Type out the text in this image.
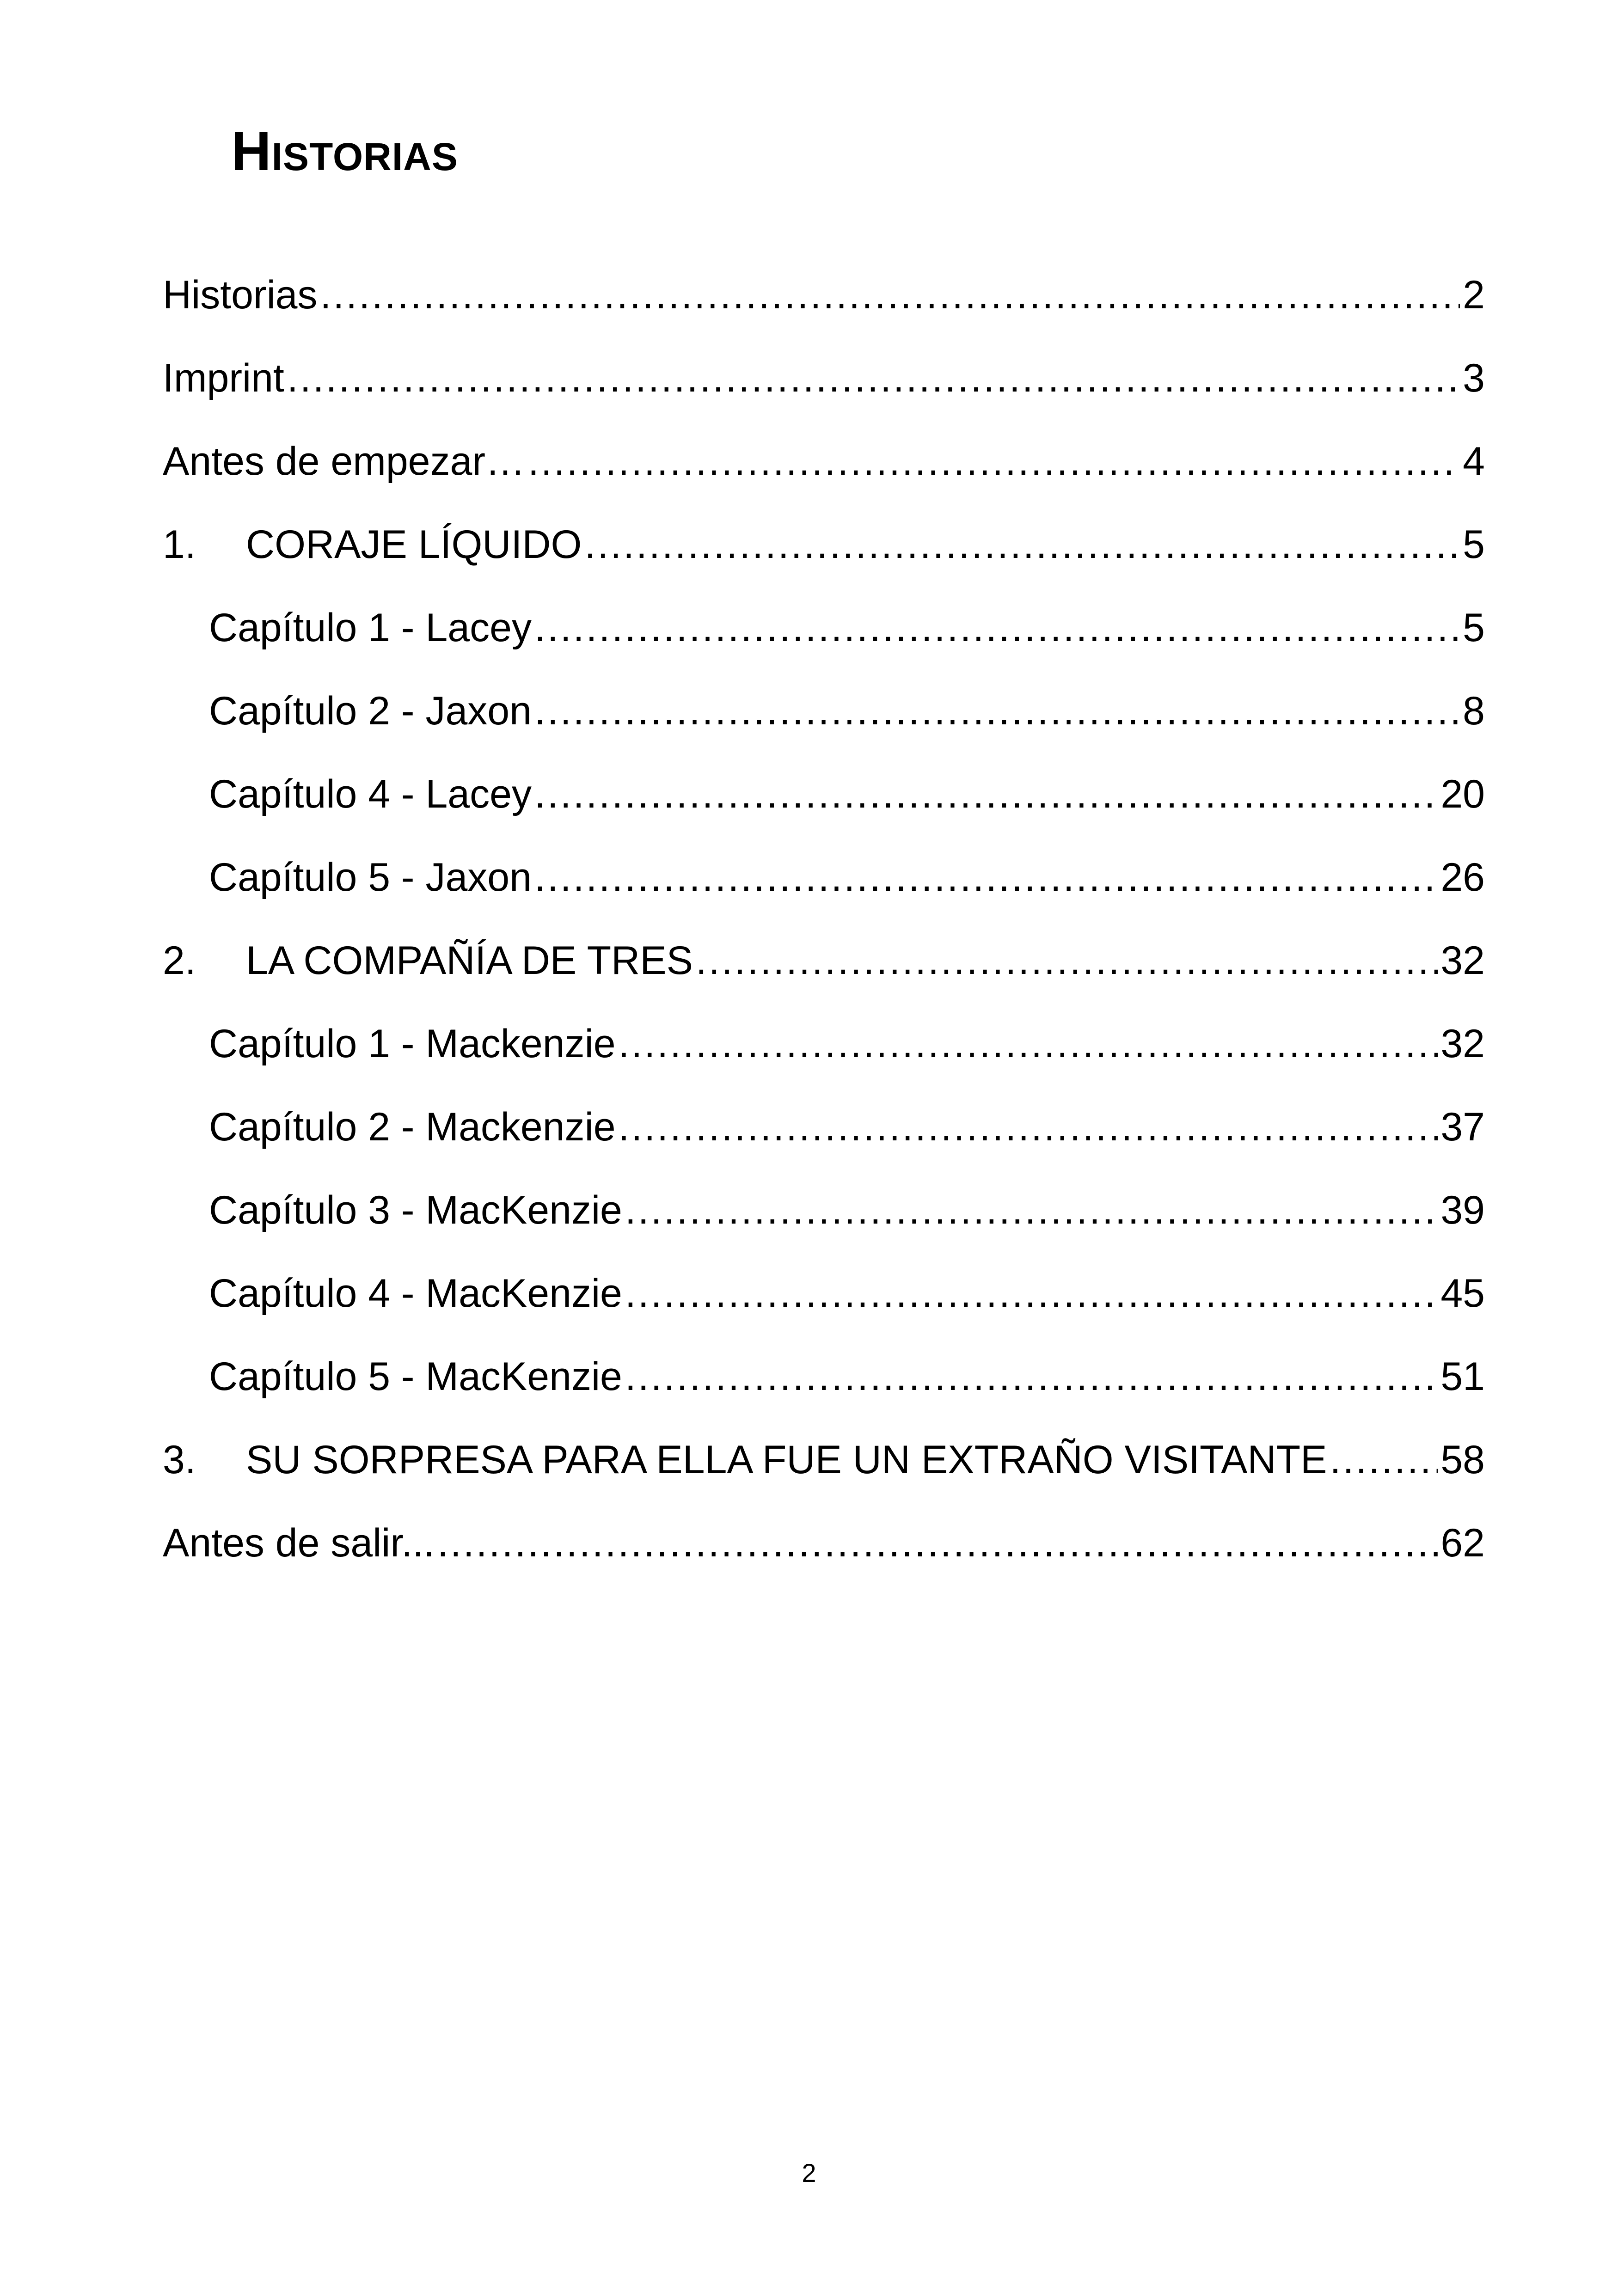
Historias
Historias .....	2
Imprint .....	3
Antes de empezar… .....	4
1.	CORAJE LÍQUIDO .....	5
Capítulo 1 - Lacey .....	5
Capítulo 2 - Jaxon .....	8
Capítulo 4 - Lacey .....	20
Capítulo 5 - Jaxon .....	26
2.	LA COMPAÑÍA DE TRES .....	32
Capítulo 1 - Mackenzie .....	32
Capítulo 2 - Mackenzie .....	37
Capítulo 3 - MacKenzie .....	39
Capítulo 4 - MacKenzie .....	45
Capítulo 5 - MacKenzie .....	51
3.	SU SORPRESA PARA ELLA FUE UN EXTRAÑO VISITANTE .....	58
Antes de salir... .....	62
2
